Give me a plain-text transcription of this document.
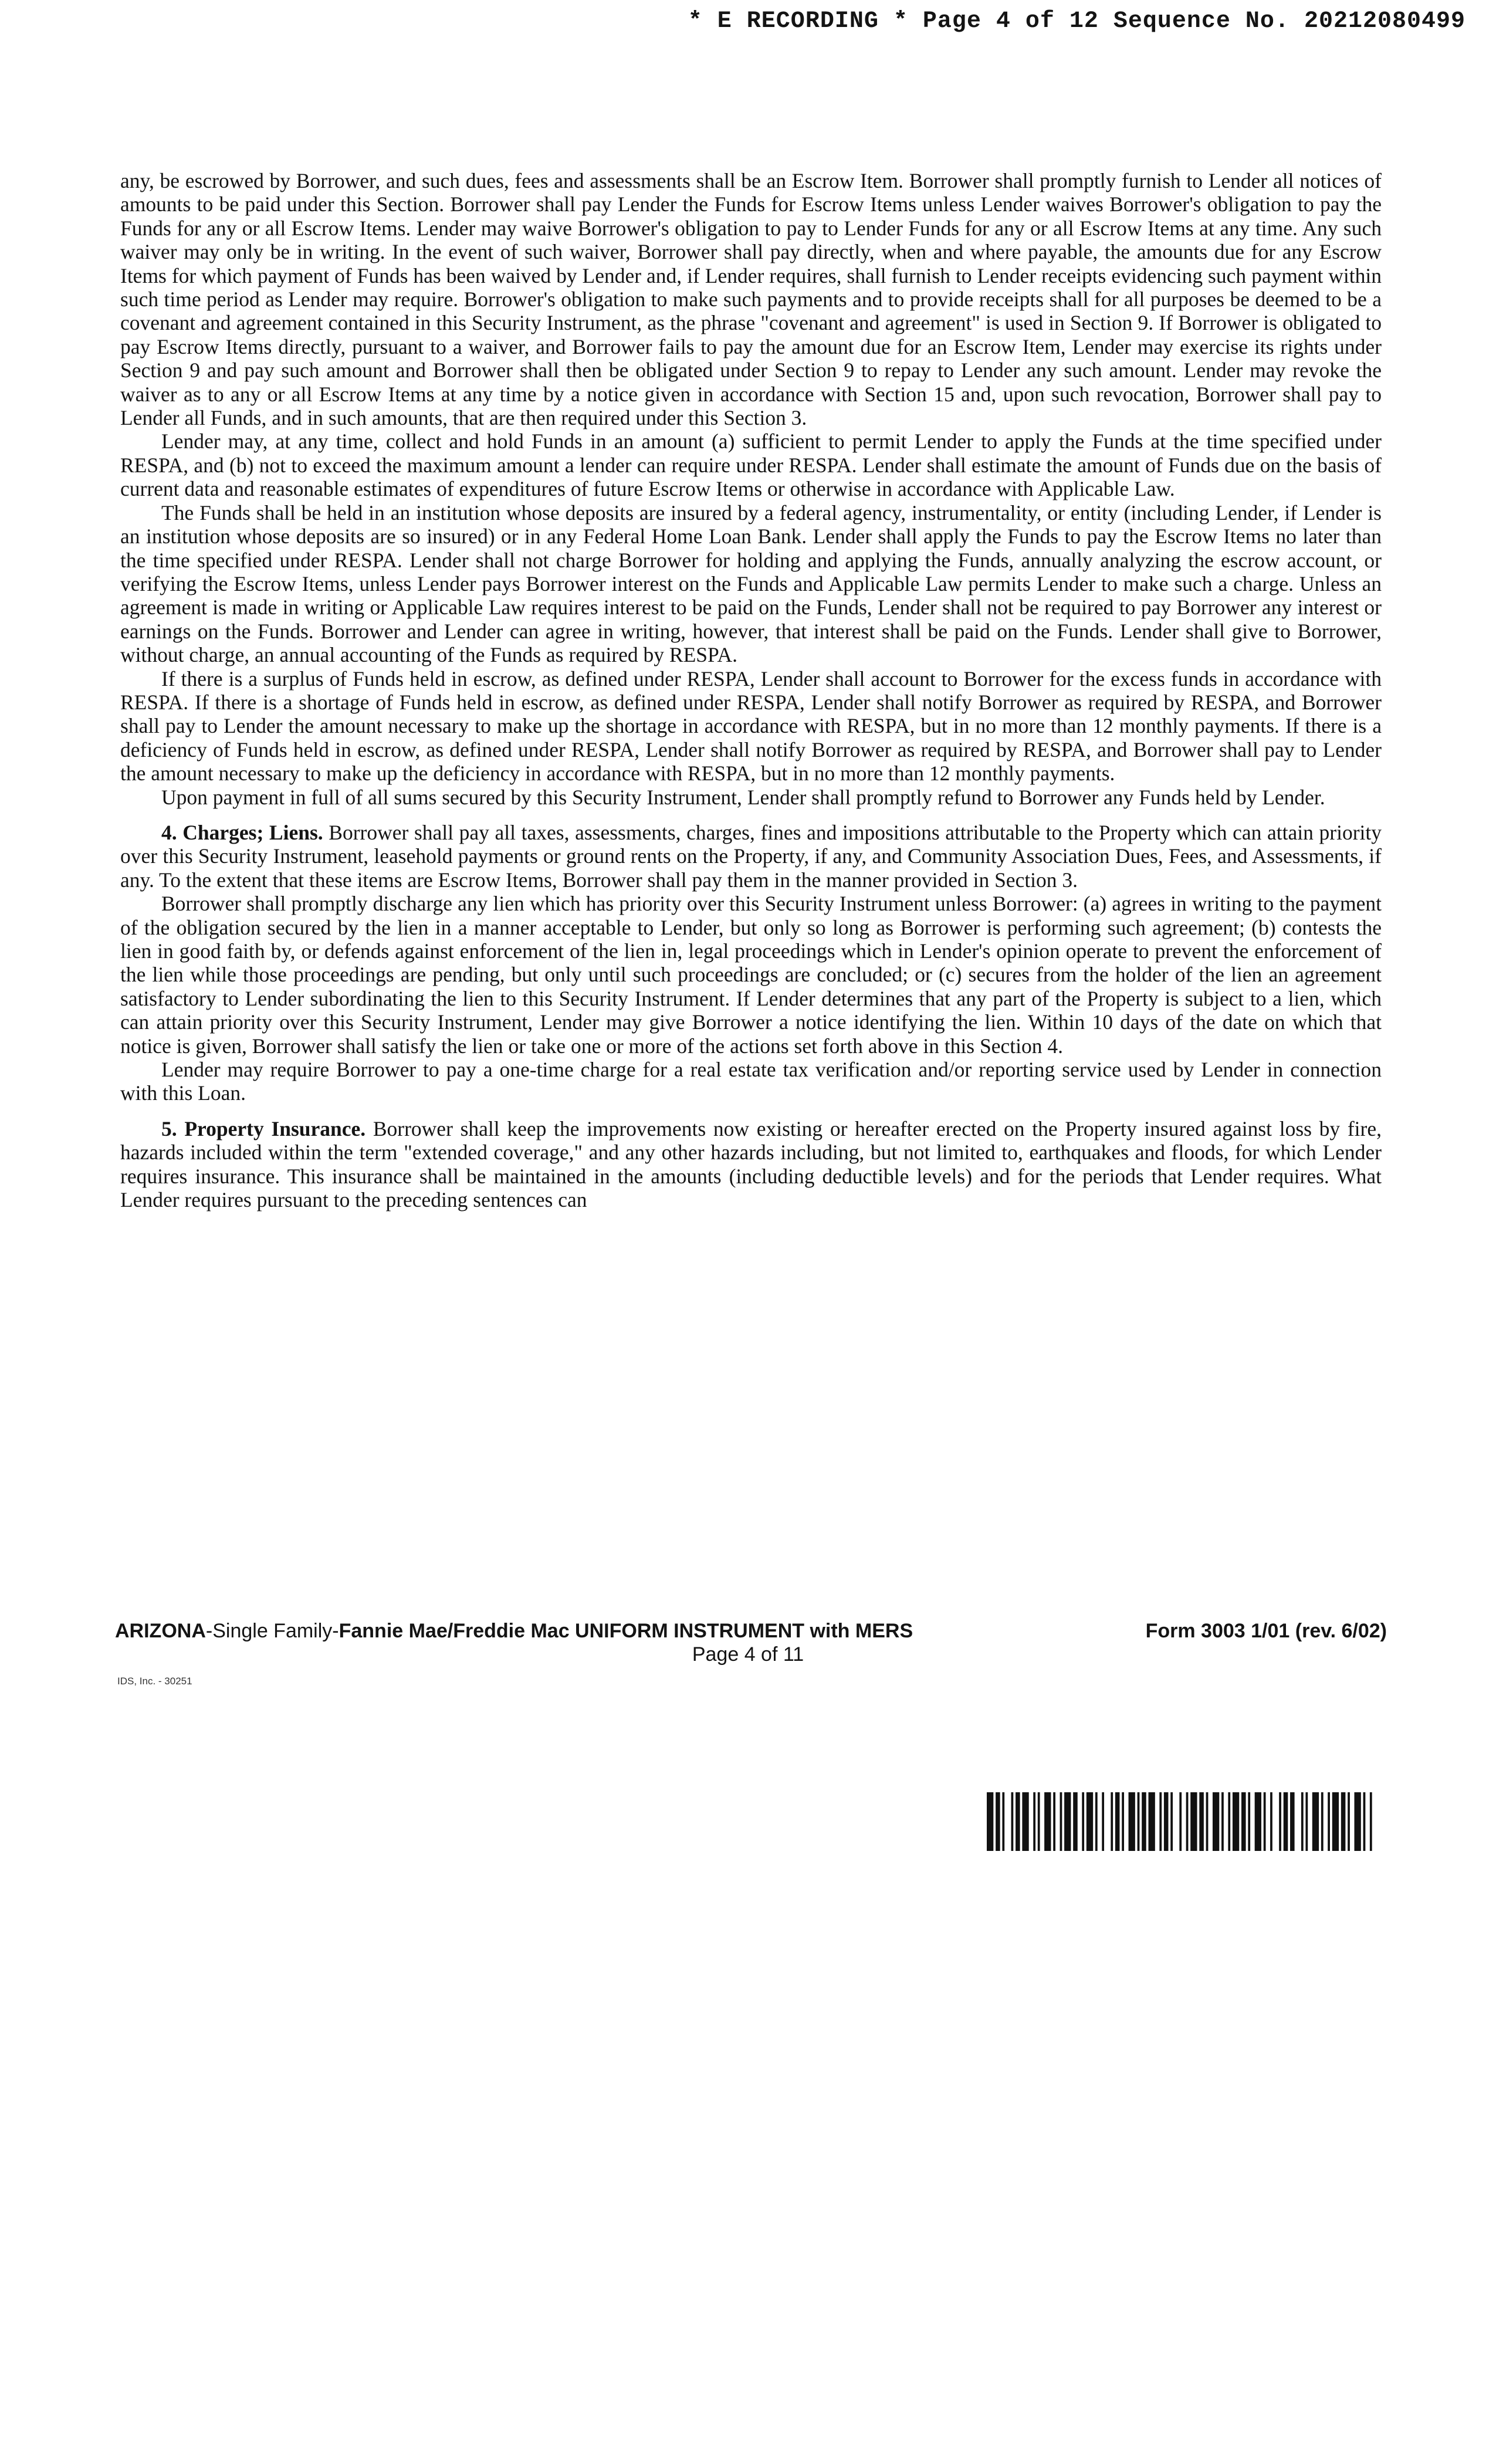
* E RECORDING * Page 4 of 12 Sequence No. 20212080499

any, be escrowed by Borrower, and such dues, fees and assessments shall be an Escrow Item. Borrower shall promptly furnish to Lender all notices of amounts to be paid under this Section. Borrower shall pay Lender the Funds for Escrow Items unless Lender waives Borrower's obligation to pay the Funds for any or all Escrow Items. Lender may waive Borrower's obligation to pay to Lender Funds for any or all Escrow Items at any time. Any such waiver may only be in writing. In the event of such waiver, Borrower shall pay directly, when and where payable, the amounts due for any Escrow Items for which payment of Funds has been waived by Lender and, if Lender requires, shall furnish to Lender receipts evidencing such payment within such time period as Lender may require. Borrower's obligation to make such payments and to provide receipts shall for all purposes be deemed to be a covenant and agreement contained in this Security Instrument, as the phrase "covenant and agreement" is used in Section 9. If Borrower is obligated to pay Escrow Items directly, pursuant to a waiver, and Borrower fails to pay the amount due for an Escrow Item, Lender may exercise its rights under Section 9 and pay such amount and Borrower shall then be obligated under Section 9 to repay to Lender any such amount. Lender may revoke the waiver as to any or all Escrow Items at any time by a notice given in accordance with Section 15 and, upon such revocation, Borrower shall pay to Lender all Funds, and in such amounts, that are then required under this Section 3.

Lender may, at any time, collect and hold Funds in an amount (a) sufficient to permit Lender to apply the Funds at the time specified under RESPA, and (b) not to exceed the maximum amount a lender can require under RESPA. Lender shall estimate the amount of Funds due on the basis of current data and reasonable estimates of expenditures of future Escrow Items or otherwise in accordance with Applicable Law.

The Funds shall be held in an institution whose deposits are insured by a federal agency, instrumentality, or entity (including Lender, if Lender is an institution whose deposits are so insured) or in any Federal Home Loan Bank. Lender shall apply the Funds to pay the Escrow Items no later than the time specified under RESPA. Lender shall not charge Borrower for holding and applying the Funds, annually analyzing the escrow account, or verifying the Escrow Items, unless Lender pays Borrower interest on the Funds and Applicable Law permits Lender to make such a charge. Unless an agreement is made in writing or Applicable Law requires interest to be paid on the Funds, Lender shall not be required to pay Borrower any interest or earnings on the Funds. Borrower and Lender can agree in writing, however, that interest shall be paid on the Funds. Lender shall give to Borrower, without charge, an annual accounting of the Funds as required by RESPA.

If there is a surplus of Funds held in escrow, as defined under RESPA, Lender shall account to Borrower for the excess funds in accordance with RESPA. If there is a shortage of Funds held in escrow, as defined under RESPA, Lender shall notify Borrower as required by RESPA, and Borrower shall pay to Lender the amount necessary to make up the shortage in accordance with RESPA, but in no more than 12 monthly payments. If there is a deficiency of Funds held in escrow, as defined under RESPA, Lender shall notify Borrower as required by RESPA, and Borrower shall pay to Lender the amount necessary to make up the deficiency in accordance with RESPA, but in no more than 12 monthly payments.

Upon payment in full of all sums secured by this Security Instrument, Lender shall promptly refund to Borrower any Funds held by Lender.

4. Charges; Liens. Borrower shall pay all taxes, assessments, charges, fines and impositions attributable to the Property which can attain priority over this Security Instrument, leasehold payments or ground rents on the Property, if any, and Community Association Dues, Fees, and Assessments, if any. To the extent that these items are Escrow Items, Borrower shall pay them in the manner provided in Section 3.

Borrower shall promptly discharge any lien which has priority over this Security Instrument unless Borrower: (a) agrees in writing to the payment of the obligation secured by the lien in a manner acceptable to Lender, but only so long as Borrower is performing such agreement; (b) contests the lien in good faith by, or defends against enforcement of the lien in, legal proceedings which in Lender's opinion operate to prevent the enforcement of the lien while those proceedings are pending, but only until such proceedings are concluded; or (c) secures from the holder of the lien an agreement satisfactory to Lender subordinating the lien to this Security Instrument. If Lender determines that any part of the Property is subject to a lien, which can attain priority over this Security Instrument, Lender may give Borrower a notice identifying the lien. Within 10 days of the date on which that notice is given, Borrower shall satisfy the lien or take one or more of the actions set forth above in this Section 4.

Lender may require Borrower to pay a one-time charge for a real estate tax verification and/or reporting service used by Lender in connection with this Loan.

5. Property Insurance. Borrower shall keep the improvements now existing or hereafter erected on the Property insured against loss by fire, hazards included within the term "extended coverage," and any other hazards including, but not limited to, earthquakes and floods, for which Lender requires insurance. This insurance shall be maintained in the amounts (including deductible levels) and for the periods that Lender requires. What Lender requires pursuant to the preceding sentences can

ARIZONA-Single Family-Fannie Mae/Freddie Mac UNIFORM INSTRUMENT with MERS	Form 3003 1/01 (rev. 6/02)
Page 4 of 11
IDS, Inc. - 30251
